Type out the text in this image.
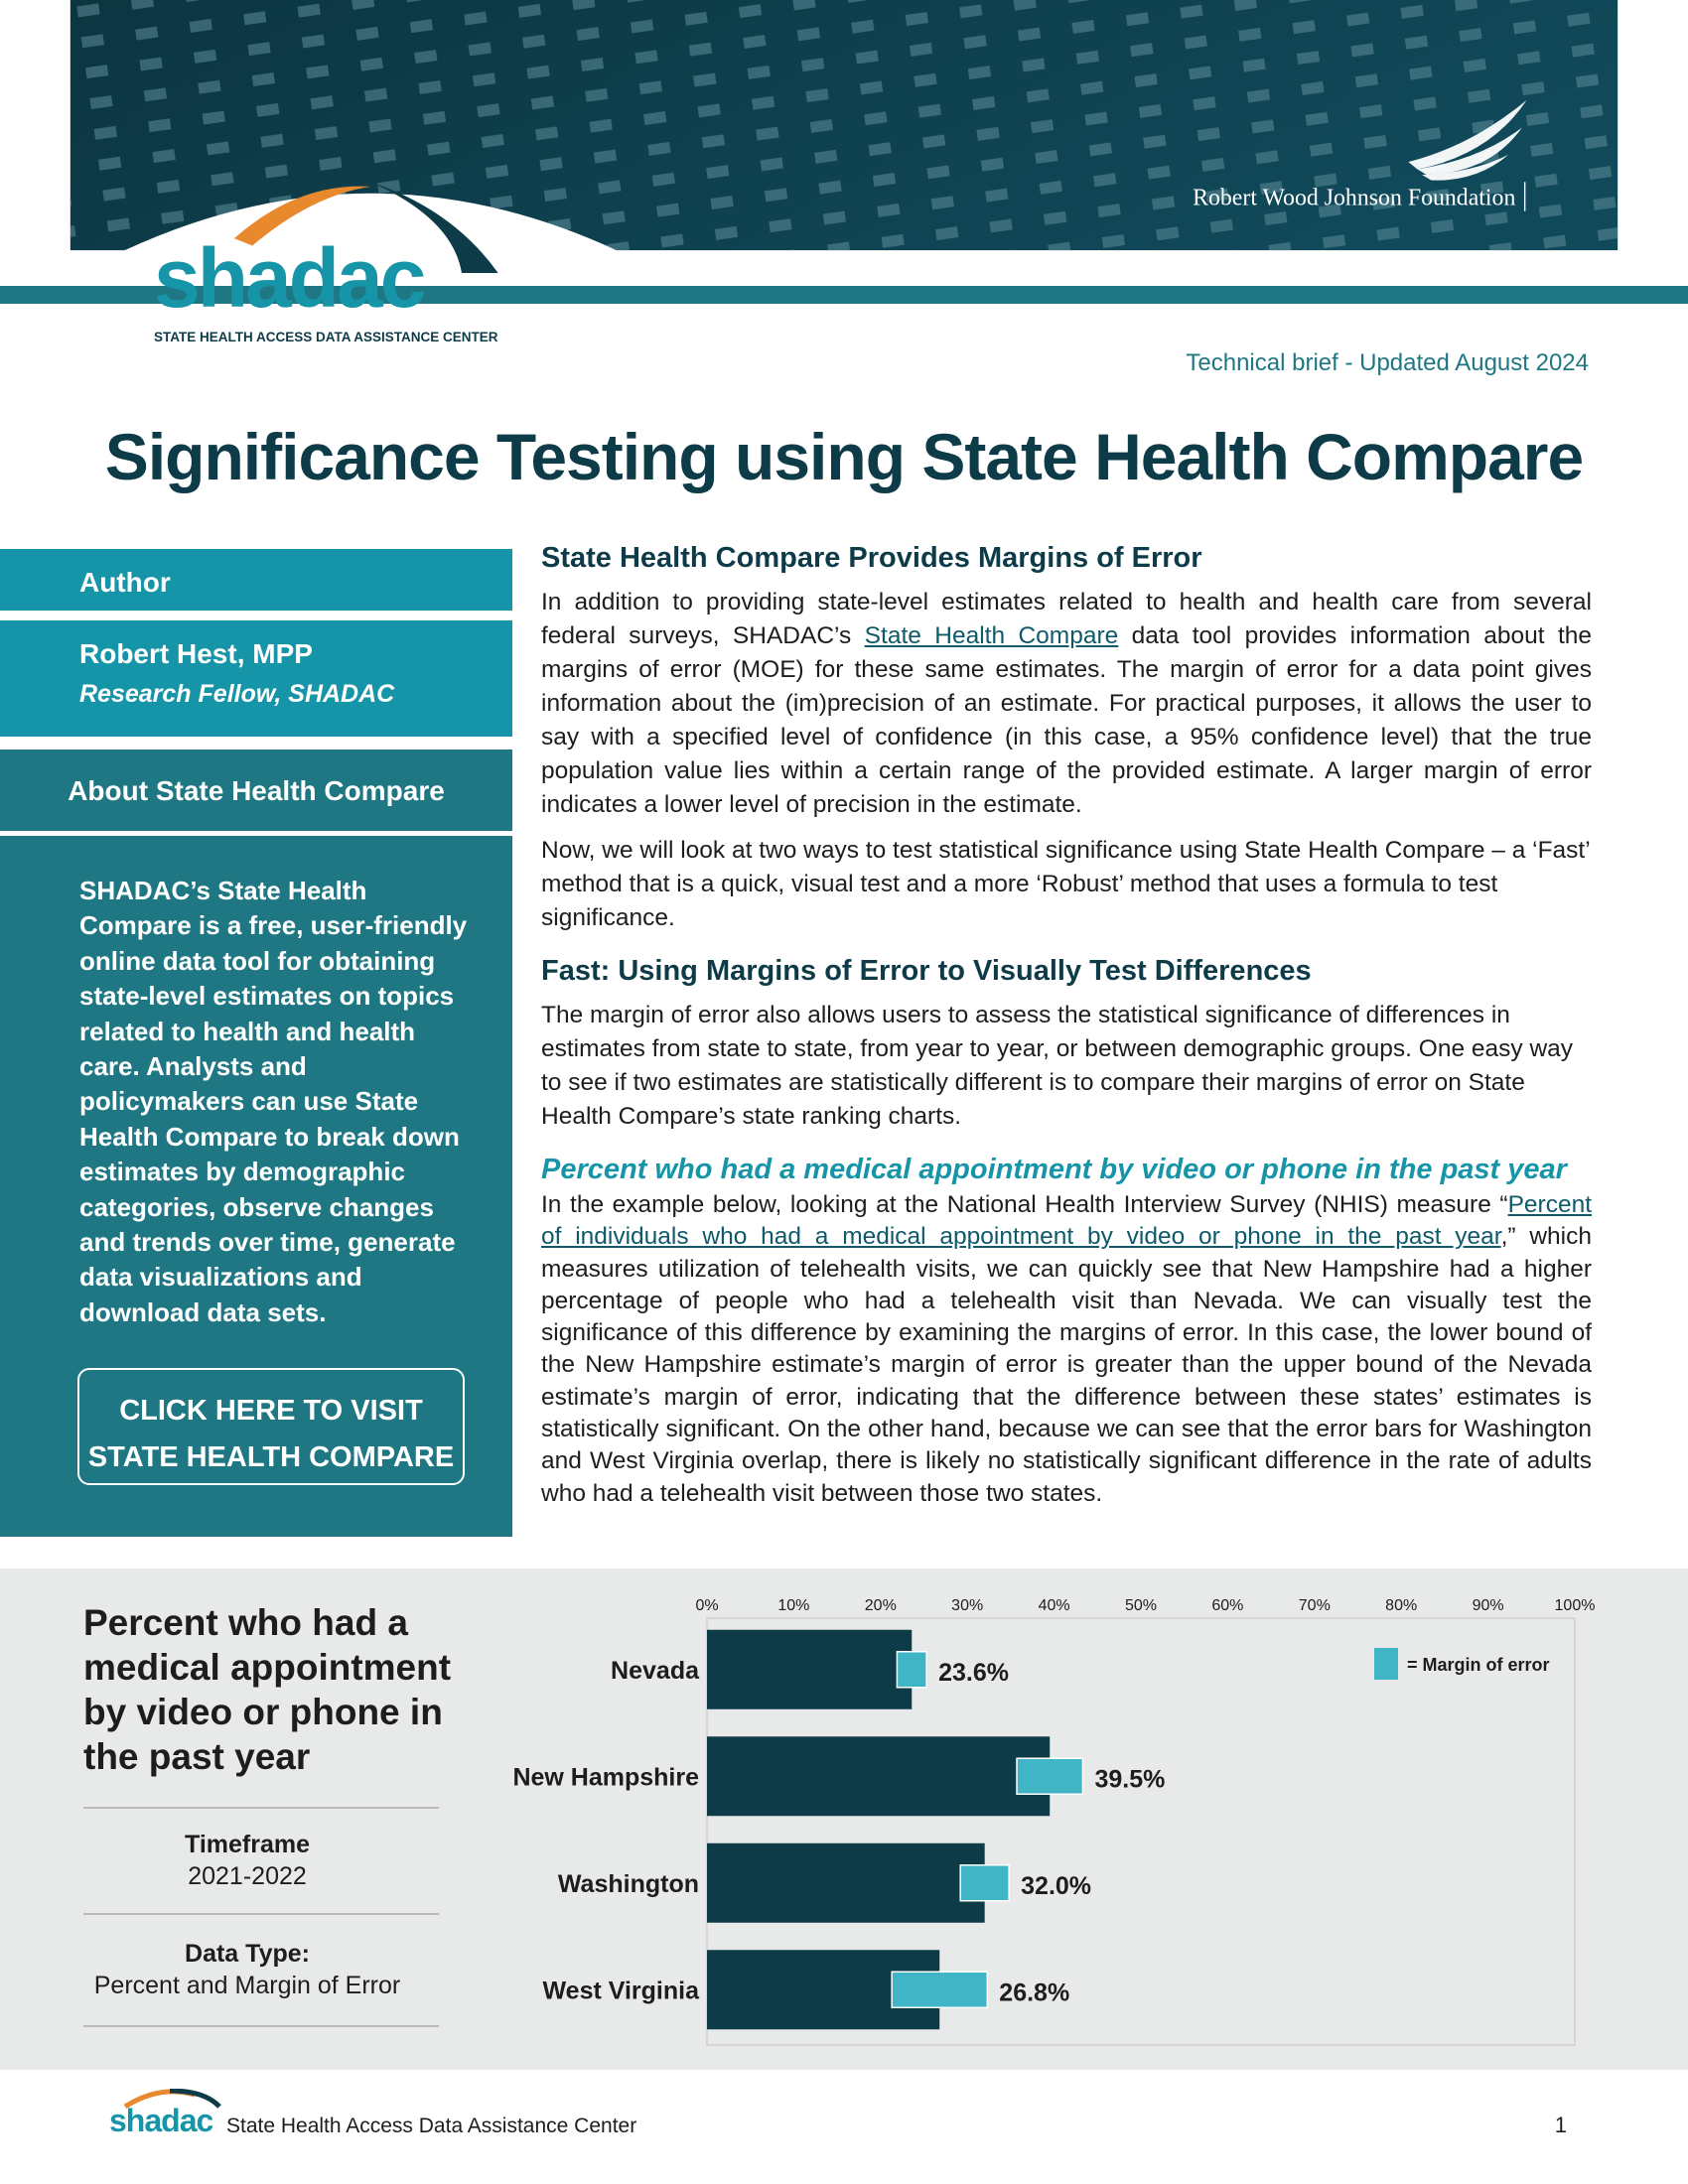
Robert Wood Johnson Foundation
shadac
STATE HEALTH ACCESS DATA ASSISTANCE CENTER
Technical brief - Updated August 2024
Significance Testing using State Health Compare
Author
Robert Hest, MPP
Research Fellow, SHADAC
About State Health Compare
SHADAC’s State Health Compare is a free, user-friendly online data tool for obtaining state-level estimates on topics related to health and health care. Analysts and policymakers can use State Health Compare to break down estimates by demographic categories, observe changes and trends over time, generate data visualizations and download data sets.
CLICK HERE TO VISIT
STATE HEALTH COMPARE
State Health Compare Provides Margins of Error
In addition to providing state-level estimates related to health and health care from several federal surveys, SHADAC’s State Health Compare data tool provides information about the margins of error (MOE) for these same estimates. The margin of error for a data point gives information about the (im)precision of an estimate. For practical purposes, it allows the user to say with a specified level of confidence (in this case, a 95% confidence level) that the true population value lies within a certain range of the provided estimate. A larger margin of error indicates a lower level of precision in the estimate.
Now, we will look at two ways to test statistical significance using State Health Compare – a ‘Fast’ method that is a quick, visual test and a more ‘Robust’ method that uses a formula to test significance.
Fast: Using Margins of Error to Visually Test Differences
The margin of error also allows users to assess the statistical significance of differences in estimates from state to state, from year to year, or between demographic groups. One easy way to see if two estimates are statistically different is to compare their margins of error on State Health Compare’s state ranking charts.
Percent who had a medical appointment by video or phone in the past year
In the example below, looking at the National Health Interview Survey (NHIS) measure “Percent of individuals who had a medical appointment by video or phone in the past year,” which measures utilization of telehealth visits, we can quickly see that New Hampshire had a higher percentage of people who had a telehealth visit than Nevada. We can visually test the significance of this difference by examining the margins of error. In this case, the lower bound of the New Hampshire estimate’s margin of error is greater than the upper bound of the Nevada estimate’s margin of error, indicating that the difference between these states’ estimates is statistically significant. On the other hand, because we can see that the error bars for Washington and West Virginia overlap, there is likely no statistically significant difference in the rate of adults who had a telehealth visit between those two states.
Percent who had a medical appointment by video or phone in the past year
Timeframe
2021-2022
Data Type:
Percent and Margin of Error
0%	10%	20%	30%	40%	50%	60%	70%	80%	90%	100%
Nevada	23.6%
New Hampshire	39.5%
Washington	32.0%
West Virginia	26.8%
= Margin of error
shadac State Health Access Data Assistance Center	1
